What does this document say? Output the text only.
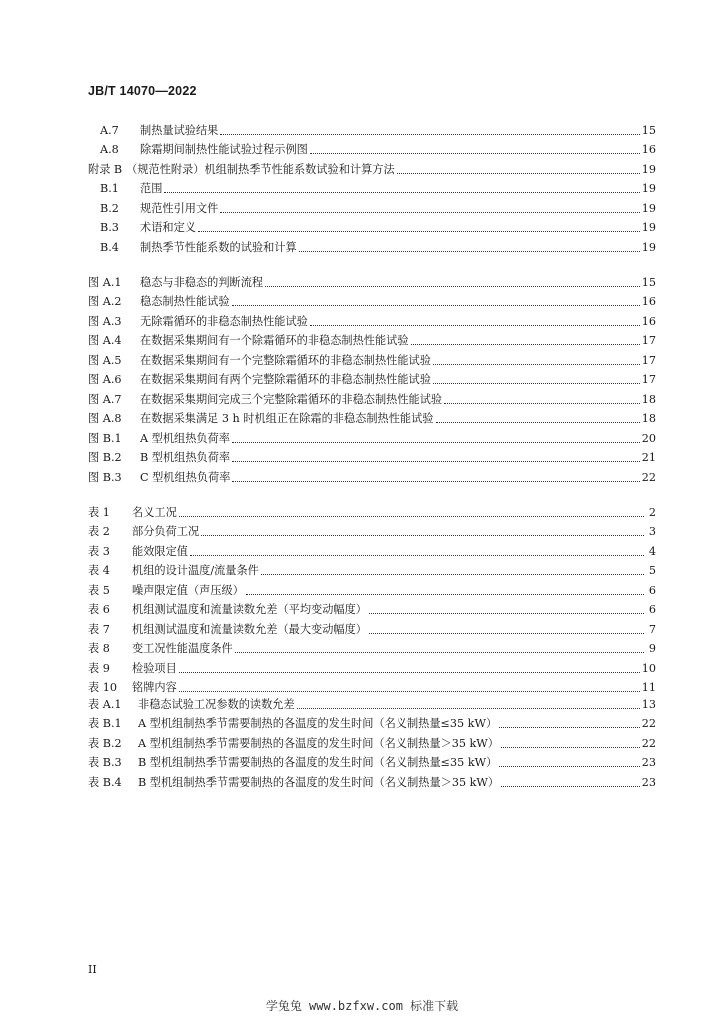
JB/T 14070—2022
A.7	制热量试验结果	15
A.8	除霜期间制热性能试验过程示例图	16
附录 B （规范性附录）机组制热季节性能系数试验和计算方法	19
B.1	范围	19
B.2	规范性引用文件	19
B.3	术语和定义	19
B.4	制热季节性能系数的试验和计算	19
图 A.1	稳态与非稳态的判断流程	15
图 A.2	稳态制热性能试验	16
图 A.3	无除霜循环的非稳态制热性能试验	16
图 A.4	在数据采集期间有一个除霜循环的非稳态制热性能试验	17
图 A.5	在数据采集期间有一个完整除霜循环的非稳态制热性能试验	17
图 A.6	在数据采集期间有两个完整除霜循环的非稳态制热性能试验	17
图 A.7	在数据采集期间完成三个完整除霜循环的非稳态制热性能试验	18
图 A.8	在数据采集满足 3 h 时机组正在除霜的非稳态制热性能试验	18
图 B.1	A 型机组热负荷率	20
图 B.2	B 型机组热负荷率	21
图 B.3	C 型机组热负荷率	22
表 1	名义工况	2
表 2	部分负荷工况	3
表 3	能效限定值	4
表 4	机组的设计温度/流量条件	5
表 5	噪声限定值（声压级）	6
表 6	机组测试温度和流量读数允差（平均变动幅度）	6
表 7	机组测试温度和流量读数允差（最大变动幅度）	7
表 8	变工况性能温度条件	9
表 9	检验项目	10
表 10	铭牌内容	11
表 A.1	非稳态试验工况参数的读数允差	13
表 B.1	A 型机组制热季节需要制热的各温度的发生时间（名义制热量≤35 kW）	22
表 B.2	A 型机组制热季节需要制热的各温度的发生时间（名义制热量＞35 kW）	22
表 B.3	B 型机组制热季节需要制热的各温度的发生时间（名义制热量≤35 kW）	23
表 B.4	B 型机组制热季节需要制热的各温度的发生时间（名义制热量＞35 kW）	23
II
学兔兔 www.bzfxw.com 标准下载
